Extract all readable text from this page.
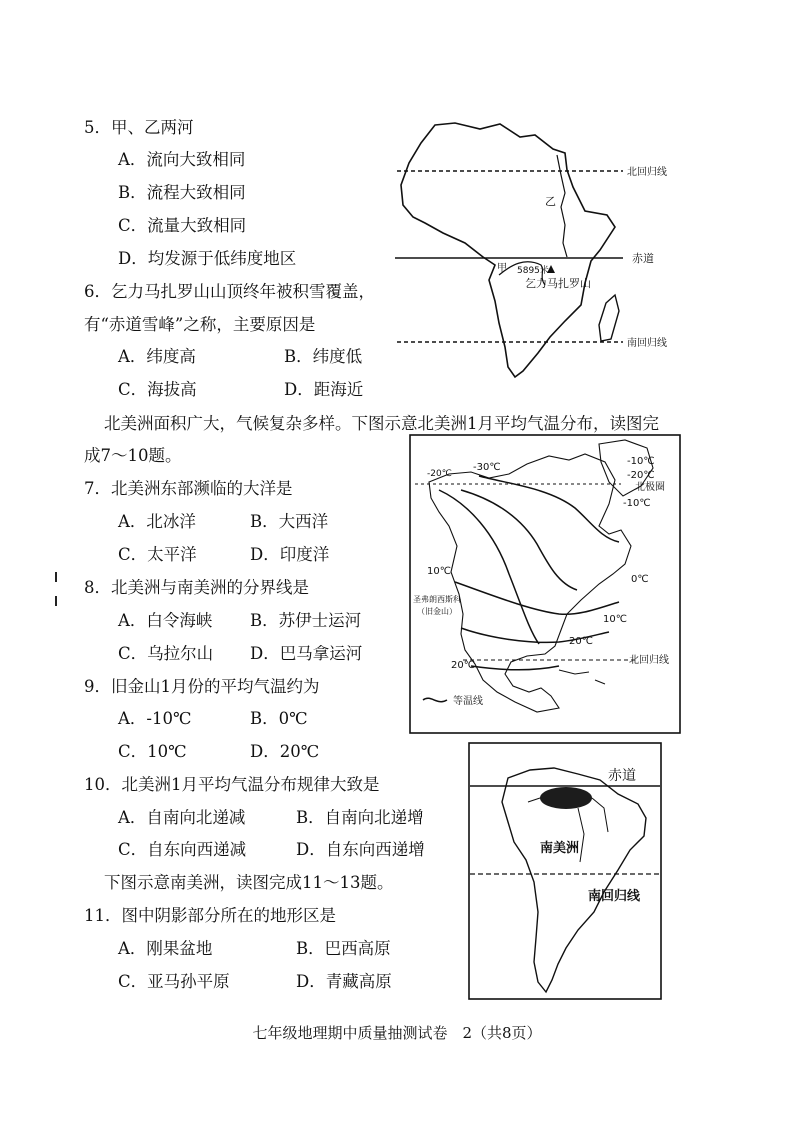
5．甲、乙两河
A．流向大致相同
B．流程大致相同
C．流量大致相同
D．均发源于低纬度地区
6．乞力马扎罗山山顶终年被积雪覆盖，
有“赤道雪峰”之称，主要原因是
A．纬度高	B．纬度低
C．海拔高	D．距海近
北回归线
乙
赤道
甲 5895米
乞力马扎罗山
南回归线
北美洲面积广大，气候复杂多样。下图示意北美洲1月平均气温分布，读图完
成7～10题。
7．北美洲东部濒临的大洋是
A．北冰洋	B．大西洋
C．太平洋	D．印度洋
8．北美洲与南美洲的分界线是
A．白令海峡 B．苏伊士运河
C．乌拉尔山 D．巴马拿运河
9．旧金山1月份的平均气温约为
A．-10℃	B．0℃
C．10℃	D．20℃
-20℃
-30℃
-20℃
-10℃
北极圈
-10℃
10℃
0℃
圣弗朗西斯科
（旧金山）
10℃
20℃
20℃	北回归线
等温线
10．北美洲1月平均气温分布规律大致是
A．自南向北递减	B．自南向北递增
C．自东向西递减	D．自东向西递增
下图示意南美洲，读图完成11～13题。
11．图中阴影部分所在的地形区是
A．刚果盆地	B．巴西高原
C．亚马孙平原	D．青藏高原
赤道
南美洲
南回归线
七年级地理期中质量抽测试卷　2（共8页）
